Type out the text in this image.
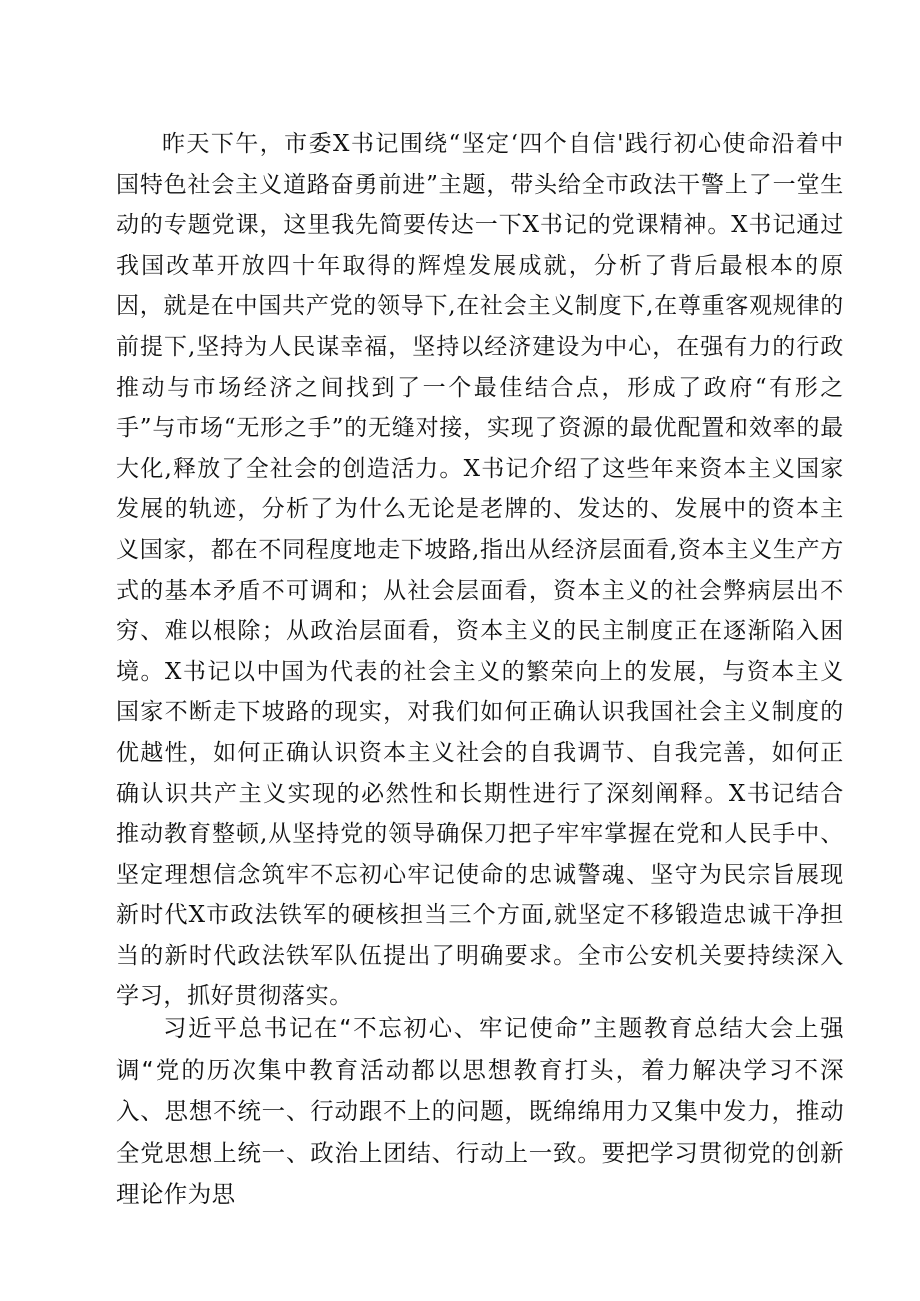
昨天下午，市委X书记围绕“坚定‘四个自信'践行初心使命沿着中国特色社会主义道路奋勇前进”主题，带头给全市政法干警上了一堂生动的专题党课，这里我先简要传达一下X书记的党课精神。X书记通过我国改革开放四十年取得的辉煌发展成就，分析了背后最根本的原因，就是在中国共产党的领导下,在社会主义制度下,在尊重客观规律的前提下,坚持为人民谋幸福，坚持以经济建设为中心，在强有力的行政推动与市场经济之间找到了一个最佳结合点，形成了政府“有形之手”与市场“无形之手”的无缝对接，实现了资源的最优配置和效率的最大化,释放了全社会的创造活力。X书记介绍了这些年来资本主义国家发展的轨迹，分析了为什么无论是老牌的、发达的、发展中的资本主义国家，都在不同程度地走下坡路,指出从经济层面看,资本主义生产方式的基本矛盾不可调和；从社会层面看，资本主义的社会弊病层出不穷、难以根除；从政治层面看，资本主义的民主制度正在逐渐陷入困境。X书记以中国为代表的社会主义的繁荣向上的发展，与资本主义国家不断走下坡路的现实，对我们如何正确认识我国社会主义制度的优越性，如何正确认识资本主义社会的自我调节、自我完善，如何正确认识共产主义实现的必然性和长期性进行了深刻阐释。X书记结合推动教育整顿,从坚持党的领导确保刀把子牢牢掌握在党和人民手中、坚定理想信念筑牢不忘初心牢记使命的忠诚警魂、坚守为民宗旨展现新时代X市政法铁军的硬核担当三个方面,就坚定不移锻造忠诚干净担当的新时代政法铁军队伍提出了明确要求。全市公安机关要持续深入学习，抓好贯彻落实。

习近平总书记在“不忘初心、牢记使命”主题教育总结大会上强调“党的历次集中教育活动都以思想教育打头，着力解决学习不深入、思想不统一、行动跟不上的问题，既绵绵用力又集中发力，推动全党思想上统一、政治上团结、行动上一致。要把学习贯彻党的创新理论作为思
